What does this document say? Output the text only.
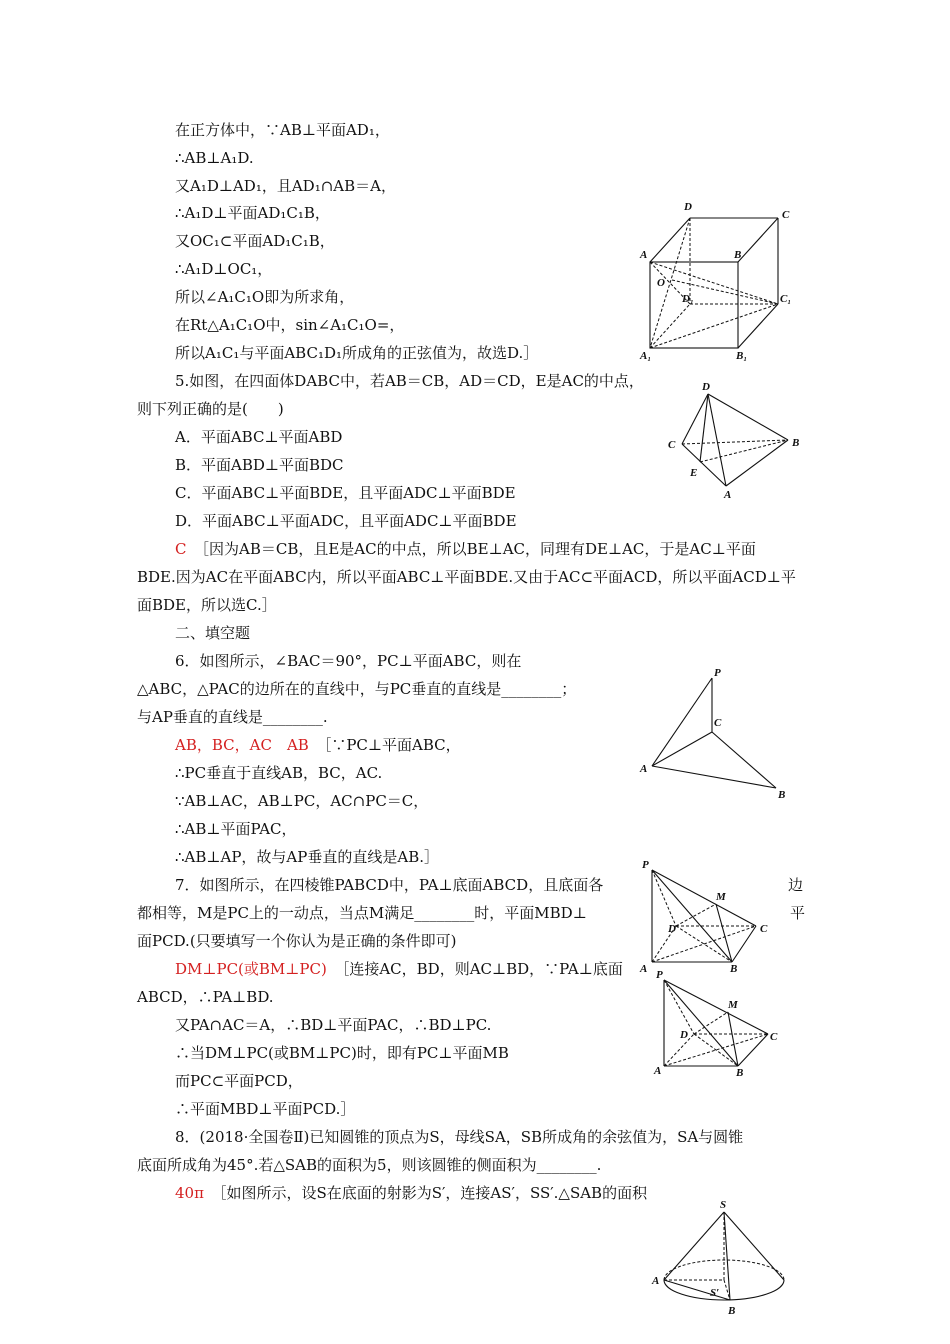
在正方体中，∵AB⊥平面AD₁，
∴AB⊥A₁D.
又A₁D⊥AD₁，且AD₁∩AB＝A，
∴A₁D⊥平面AD₁C₁B，
又OC₁⊂平面AD₁C₁B，
∴A₁D⊥OC₁，
所以∠A₁C₁O即为所求角，
在Rt△A₁C₁O中，sin∠A₁C₁O=，
所以A₁C₁与平面ABC₁D₁所成角的正弦值为，故选D.］
D
C
A	B
O
D₁	C₁
A₁	B₁
5.如图，在四面体DABC中，若AB＝CB，AD＝CD，E是AC的中点，
则下列正确的是(　　)
A．平面ABC⊥平面ABD
B．平面ABD⊥平面BDC
C．平面ABC⊥平面BDE，且平面ADC⊥平面BDE
D．平面ABC⊥平面ADC，且平面ADC⊥平面BDE
C　 ［因为AB＝CB，且E是AC的中点，所以BE⊥AC，同理有DE⊥AC，于是AC⊥平面
BDE.因为AC在平面ABC内，所以平面ABC⊥平面BDE.又由于AC⊂平面ACD，所以平面ACD⊥平
面BDE，所以选C.］
D
C	B
E
A
二、填空题
6．如图所示，∠BAC＝90°，PC⊥平面ABC，则在
△ABC，△PAC的边所在的直线中，与PC垂直的直线是________；
与AP垂直的直线是________.
AB，BC，AC　AB　 ［∵PC⊥平面ABC，
∴PC垂直于直线AB，BC，AC.
∵AB⊥AC，AB⊥PC，AC∩PC＝C，
∴AB⊥平面PAC，
∴AB⊥AP，故与AP垂直的直线是AB.］
P
C
A
B
7．如图所示，在四棱锥PABCD中，PA⊥底面ABCD，且底面各	边
都相等，M是PC上的一动点，当点M满足________时，平面MBD⊥	平
面PCD.(只要填写一个你认为是正确的条件即可)
DM⊥PC(或BM⊥PC)　 ［连接AC，BD，则AC⊥BD，∵PA⊥底面
ABCD，∴PA⊥BD.
又PA∩AC＝A，∴BD⊥平面PAC，∴BD⊥PC.
∴当DM⊥PC(或BM⊥PC)时，即有PC⊥平面MB
而PC⊂平面PCD，
∴平面MBD⊥平面PCD.］
P
M
D	C
A	B
P
M
D	C
A	B
8．(2018·全国卷Ⅱ)已知圆锥的顶点为S，母线SA，SB所成角的余弦值为，SA与圆锥
底面所成角为45°.若△SAB的面积为5，则该圆锥的侧面积为________.
40π　 ［如图所示，设S在底面的射影为S′，连接AS′，SS′.△SAB的面积
S
A
S′
B
